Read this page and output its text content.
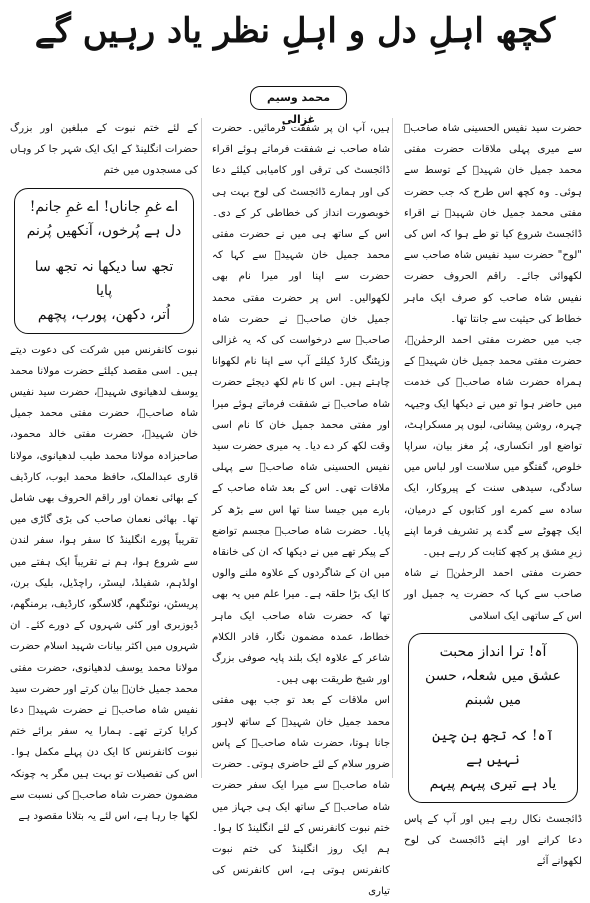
کچھ اہلِ دل و اہلِ نظر یاد رہیں گے
محمد وسیم غزالی

حضرت سید نفیس الحسینی شاہ صاحبؒ سے میری پہلی ملاقات حضرت مفتی محمد جمیل خان شہیدؒ کے توسط سے ہوئی۔ وہ کچھ اس طرح کہ جب حضرت مفتی محمد جمیل خان شہیدؒ نے اقراء ڈائجسٹ شروع کیا تو طے ہوا کہ اس کی "لوح" حضرت سید نفیس شاہ صاحب سے لکھوائی جائے۔ راقم الحروف حضرت نفیس شاہ صاحب کو صرف ایک ماہر خطاط کی حیثیت سے جانتا تھا۔

جب میں حضرت مفتی احمد الرحمٰنؒ، حضرت مفتی محمد جمیل خان شہیدؒ کے ہمراہ حضرت شاہ صاحبؒ کی خدمت میں حاضر ہوا تو میں نے دیکھا ایک وجیہہ چہرہ، روشن پیشانی، لبوں پر مسکراہٹ، تواضع اور انکساری، پُر مغز بیان، سراپا خلوص، گفتگو میں سلاست اور لباس میں سادگی، سیدھی سنت کے پیروکار، ایک سادہ سے کمرے اور کتابوں کے درمیان، ایک چھوٹے سے گدے پر تشریف فرما اپنے زیرِ مشق پر کچھ کتابت کر رہے ہیں۔

حضرت مفتی احمد الرحمٰنؒ نے شاہ صاحب سے کہا کہ حضرت یہ جمیل اور اس کے ساتھی ایک اسلامی

آہ! ترا انداز محبت
عشق میں شعلہ، حسن میں شبنم
آہ! کہ تجھ بن چین نہیں ہے
یاد ہے تیری پیہم پیہم

ڈائجسٹ نکال رہے ہیں اور آپ کے پاس دعا کرانے اور اپنے ڈائجسٹ کی لوح لکھوانے آئے

ہیں، آپ ان پر شفقت فرمائیں۔ حضرت شاہ صاحب نے شفقت فرماتے ہوئے اقراء ڈائجسٹ کی ترقی اور کامیابی کیلئے دعا کی اور ہمارے ڈائجسٹ کی لوح بہت ہی خوبصورت انداز کی خطاطی کر کے دی۔ اس کے ساتھ ہی میں نے حضرت مفتی محمد جمیل خان شہیدؒ سے کہا کہ حضرت سے اپنا اور میرا نام بھی لکھوالیں۔ اس پر حضرت مفتی محمد جمیل خان صاحبؒ نے حضرت شاہ صاحبؒ سے درخواست کی کہ یہ غزالی وزیٹنگ کارڈ کیلئے آپ سے اپنا نام لکھوانا چاہتے ہیں۔ اس کا نام لکھ دیجئے حضرت شاہ صاحبؒ نے شفقت فرماتے ہوئے میرا اور مفتی محمد جمیل خان کا نام اسی وقت لکھ کر دے دیا۔ یہ میری حضرت سید نفیس الحسینی شاہ صاحبؒ سے پہلی ملاقات تھی۔ اس کے بعد شاہ صاحب کے بارے میں جیسا سنا تھا اس سے بڑھ کر پایا۔ حضرت شاہ صاحبؒ مجسم تواضع کے پیکر تھے میں نے دیکھا کہ ان کی خانقاہ میں ان کے شاگردوں کے علاوہ ملنے والوں کا ایک بڑا حلقہ ہے۔ میرا علم میں یہ بھی تھا کہ حضرت شاہ صاحب ایک ماہر خطاط، عمدہ مضمون نگار، قادر الکلام شاعر کے علاوہ ایک بلند پایہ صوفی بزرگ اور شیخ طریقت بھی ہیں۔

اس ملاقات کے بعد تو جب بھی مفتی محمد جمیل خان شہیدؒ کے ساتھ لاہور جانا ہوتا، حضرت شاہ صاحبؒ کے پاس ضرور سلام کے لئے حاضری ہوتی۔ حضرت شاہ صاحبؒ سے میرا ایک سفر حضرت شاہ صاحبؒ کے ساتھ ایک ہی جہاز میں ختم نبوت کانفرنس کے لئے انگلینڈ کا ہوا۔ ہم ایک روز انگلینڈ کی ختم نبوت کانفرنس ہوتی ہے، اس کانفرنس کی تیاری

کے لئے ختم نبوت کے مبلغین اور بزرگ حضرات انگلینڈ کے ایک ایک شہر جا کر وہاں کی مسجدوں میں ختم

اے غمِ جاناں! اے غمِ جانم!
دل ہے پُرخوں، آنکھیں پُرنم
تجھ سا دیکھا نہ تجھ سا پایا
اُتر، دکھن، پورب، پچھم

نبوت کانفرنس میں شرکت کی دعوت دیتے ہیں۔ اسی مقصد کیلئے حضرت مولانا محمد یوسف لدھیانوی شہیدؒ، حضرت سید نفیس شاہ صاحبؒ، حضرت مفتی محمد جمیل خان شہیدؒ، حضرت مفتی خالد محمود، صاحبزادہ مولانا محمد طیب لدھیانوی، مولانا قاری عبدالملک، حافظ محمد ایوب، کارڈیف کے بھائی نعمان اور راقم الحروف بھی شامل تھا۔ بھائی نعمان صاحب کی بڑی گاڑی میں تقریباً پورے انگلینڈ کا سفر ہوا، سفر لندن سے شروع ہوا، ہم نے تقریباً ایک ہفتے میں اولڈہم، شفیلڈ، لیسٹر، راچڈیل، بلیک برن، پریسٹن، نوٹنگھم، گلاسگو، کارڈیف، برمنگھم، ڈیوزبری اور کئی شہروں کے دورے کئے۔ ان شہروں میں اکثر بیانات شہید اسلام حضرت مولانا محمد یوسف لدھیانوی، حضرت مفتی محمد جمیل خانؒ بیان کرتے اور حضرت سید نفیس شاہ صاحبؒ نے حضرت شہیدؒ دعا کرایا کرتے تھے۔ ہمارا یہ سفر برائے ختم نبوت کانفرنس کا ایک دن پہلے مکمل ہوا۔ اس کی تفصیلات تو بہت ہیں مگر یہ چونکہ مضمون حضرت شاہ صاحبؒ کی نسبت سے لکھا جا رہا ہے، اس لئے یہ بتلانا مقصود ہے
